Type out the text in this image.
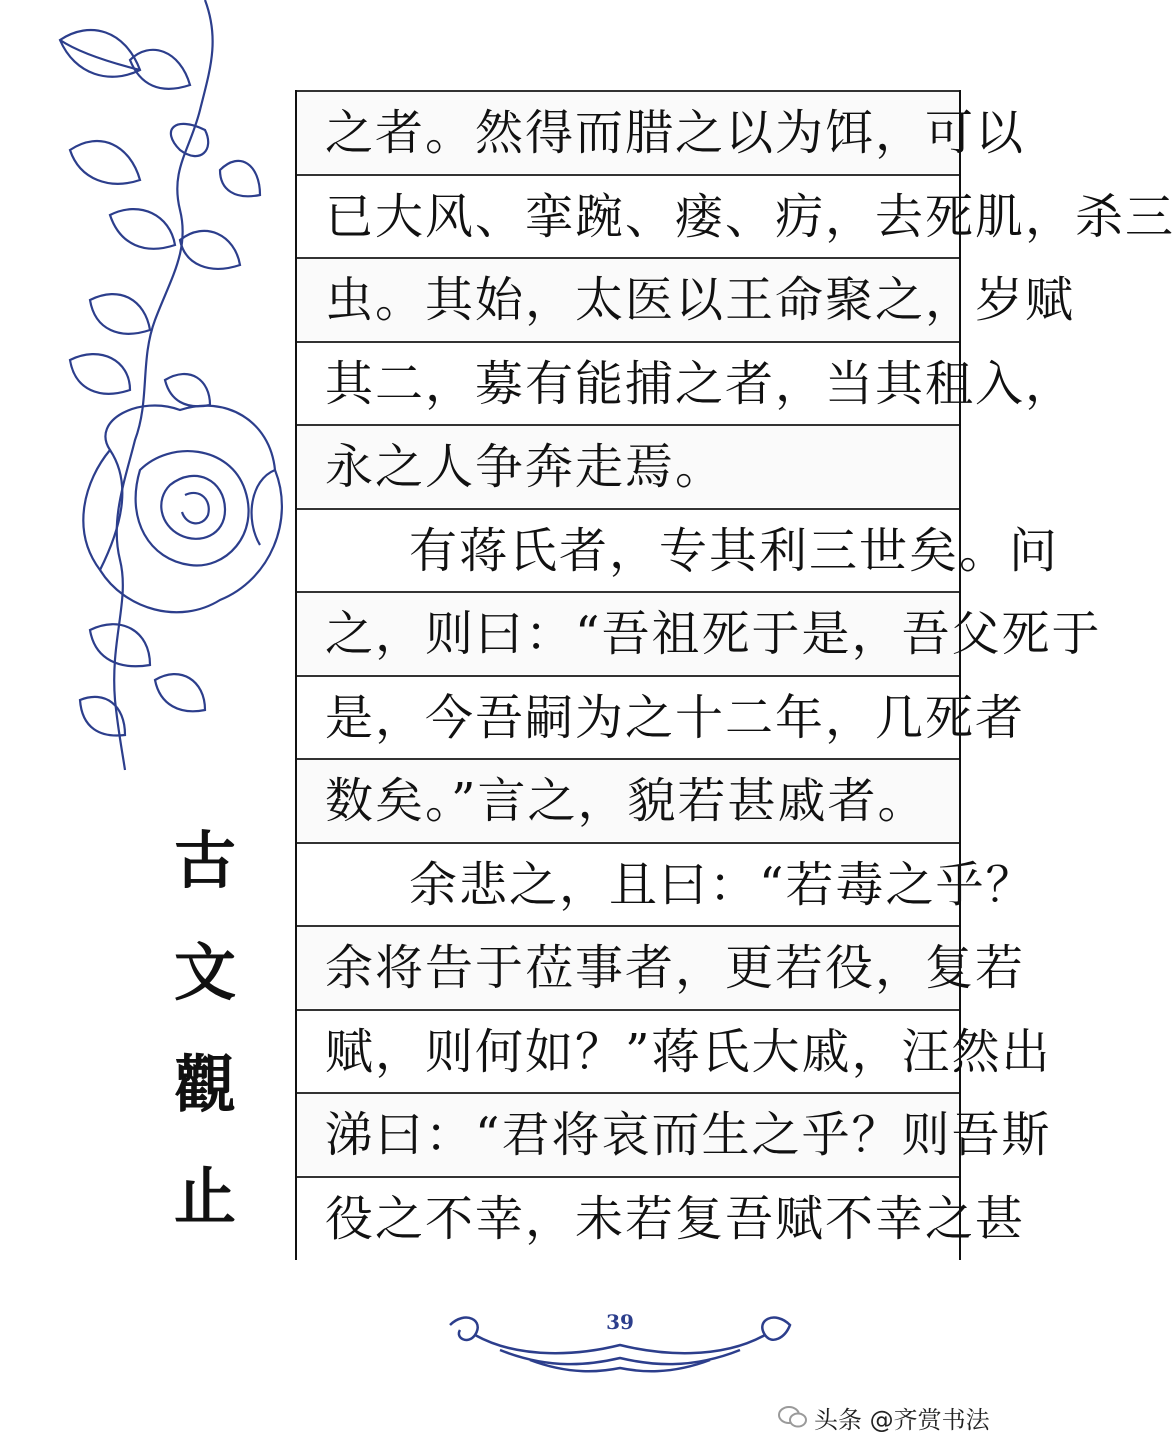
古
文
觀
止
之者。然得而腊之以为饵，可以
已大风、挛踠、瘘、疠，去死肌，杀三
虫。其始，太医以王命聚之，岁赋
其二，募有能捕之者，当其租入，
永之人争奔走焉。
有蒋氏者，专其利三世矣。问
之，则曰：“吾祖死于是，吾父死于
是，今吾嗣为之十二年，几死者
数矣。”言之，貌若甚戚者。
余悲之，且曰：“若毒之乎？
余将告于莅事者，更若役，复若
赋，则何如？”蒋氏大戚，汪然出
涕曰：“君将哀而生之乎？则吾斯
役之不幸，未若复吾赋不幸之甚
39
头条 @齐赏书法
